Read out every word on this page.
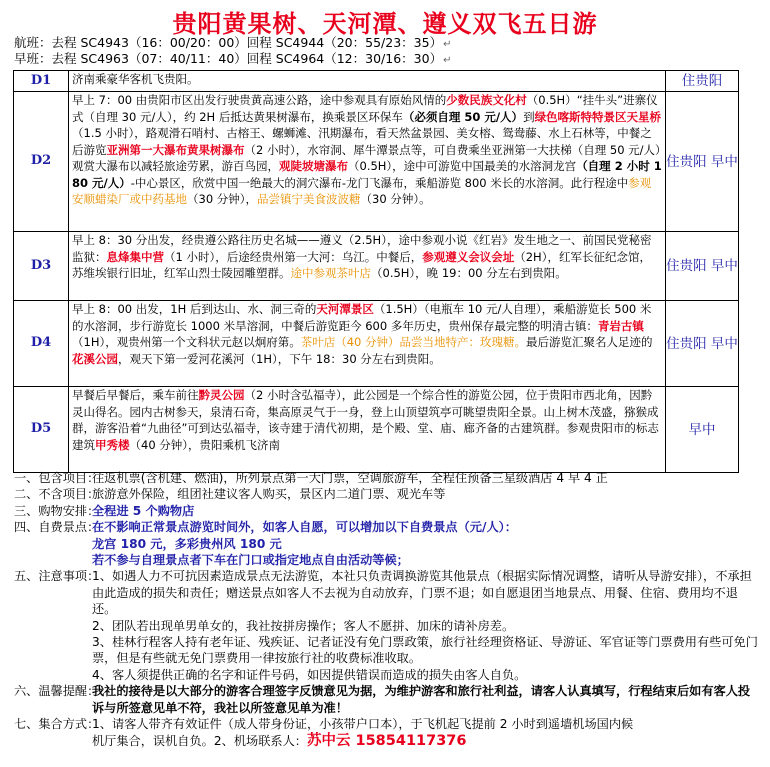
贵阳黄果树、天河潭、遵义双飞五日游
航班：去程 SC4943（16：00/20：00）回程 SC4944（20：55/23：35）↵
早班：去程 SC4963（07：40/11：40）回程 SC4964（12：30/16：30）↵
D1	济南乘豪华客机飞贵阳。	住贵阳
D2	早上 7：00 由贵阳市区出发行驶贵黄高速公路，途中参观具有原始风情的少数民族文化村（0.5H）“挂牛头”进寨仪式（自理 30 元/人），约 2H 后抵达黄果树瀑布，换乘景区环保车（必须自理 50 元/人）到绿色喀斯特特景区天星桥（1.5 小时），路观滑石哨村、古榕王、螺蛳滩、汛期瀑布，看天然盆景园、美女榕、鸳鸯藤、水上石林等，中餐之后游览亚洲第一大瀑布黄果树瀑布（2 小时），水帘洞、犀牛潭景点等，可自费乘坐亚洲第一大扶梯（自理 50 元/人）观赏大瀑布以减轻旅途劳累，游百鸟园，观陡坡塘瀑布（0.5H），途中可游览中国最美的水溶洞龙宫（自理 2 小时 180 元/人）-中心景区，欣赏中国一绝最大的洞穴瀑布-龙门飞瀑布，乘船游览 800 米长的水溶洞。此行程途中参观安顺蜡染厂或中药基地（30 分钟），品尝镇宁美食波波糖（30 分钟）。	住贵阳 早中
D3	早上 8：30 分出发，经贵遵公路往历史名城——遵义（2.5H），途中参观小说《红岩》发生地之一、前国民党秘密监狱：息烽集中营（1 小时），后途经贵州第一大河：乌江。中餐后，参观遵义会议会址（2H），红军长征纪念馆，苏维埃银行旧址，红军山烈士陵园雕塑群。途中参观茶叶店（0.5H），晚 19：00 分左右到贵阳。	住贵阳 早中
D4	早上 8：00 出发，1H 后到达山、水、洞三奇的天河潭景区（1.5H）（电瓶车 10 元/人自理），乘船游览长 500 米的水溶洞，步行游览长 1000 米旱溶洞，中餐后游览距今 600 多年历史，贵州保存最完整的明清古镇：青岩古镇（1H），观贵州第一个文科状元赵以炯府第。茶叶店（40 分钟）品尝当地特产：玫瑰糖。最后游览汇聚名人足迹的花溪公园，观天下第一爱河花溪河（1H），下午 18：30 分左右到贵阳。	住贵阳 早中
D5	早餐后早餐后，乘车前往黔灵公园（2 小时含弘福寺），此公园是一个综合性的游览公园，位于贵阳市西北角，因黔灵山得名。园内古树参天，泉清石奇，集高原灵气于一身，登上山顶望筑亭可眺望贵阳全景。山上树木茂盛，猕猴成群，游客沿着“九曲径”可到达弘福寺，该寺建于清代初期，是个殿、堂、庙、廊齐备的古建筑群。参观贵阳市的标志建筑甲秀楼（40 分钟），贵阳乘机飞济南	早中
一、包含项目：
往返机票(含机建、燃油)，所列景点第一大门票，空调旅游车，全程住预备三星级酒店 4 早 4 正
二、不含项目：
旅游意外保险，组团社建议客人购买，景区内二道门票、观光车等
三、购物安排：
全程进 5 个购物店
四、自费景点：
在不影响正常景点游览时间外，如客人自愿，可以增加以下自费景点（元/人）：
龙宫 180 元，多彩贵州风 180 元
若不参与自理景点者下车在门口或指定地点自由活动等候；
五、注意事项：
1、如遇人力不可抗因素造成景点无法游览，本社只负责调换游览其他景点（根据实际情况调整，请听从导游安排），不承担由此造成的损失和责任；赠送景点如客人不去视为自动放弃，门票不退；如自愿退团当地景点、用餐、住宿、费用均不退还。
2、团队若出现单男单女的，我社按拼房操作；客人不愿拼、加床的请补房差。
3、桂林行程客人持有老年证、残疾证、记者证没有免门票政策，旅行社经理资格证、导游证、军官证等门票费用有些可免门票，但是有些就无免门票费用一律按旅行社的收费标准收取。
4、客人须提供正确的名字和证件号码，如因提供错误而造成的损失由客人自负。
六、温馨提醒：
我社的接待是以大部分的游客合理签字反馈意见为据，为维护游客和旅行社利益，请客人认真填写，行程结束后如有客人投诉与所签意见单不符，我社以所签意见单为准！
七、集合方式：
1、请客人带齐有效证件（成人带身份证，小孩带户口本），于飞机起飞提前 2 小时到遥墙机场国内候
机厅集合，误机自负。2、机场联系人：苏中云 15854117376
